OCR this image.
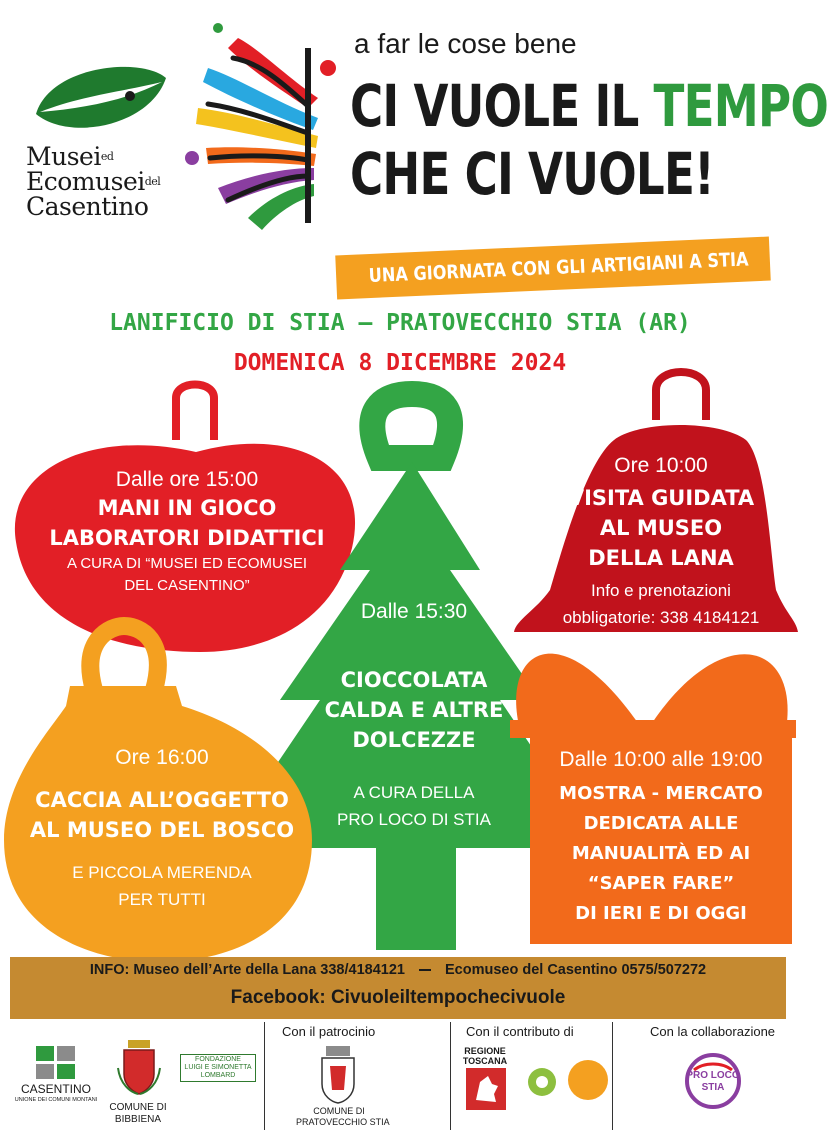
Musei$^{ed}$
Ecomusei$^{del}$
Casentino
a far le cose bene
CI VUOLE IL TEMPO
CHE CI VUOLE!
UNA GIORNATA CON GLI ARTIGIANI A STIA
LANIFICIO DI STIA – PRATOVECCHIO STIA (AR)
DOMENICA 8 DICEMBRE 2024
Dalle ore 15:00
MANI IN GIOCO
LABORATORI DIDATTICI
A CURA DI “MUSEI ED ECOMUSEI
DEL CASENTINO”
Ore 10:00
VISITA GUIDATA
AL MUSEO
DELLA LANA
Info e prenotazioni
obbligatorie: 338 4184121
Dalle 15:30
CIOCCOLATA
CALDA E ALTRE
DOLCEZZE
A CURA DELLA
PRO LOCO DI STIA
Ore 16:00
CACCIA ALL’OGGETTO
AL MUSEO DEL BOSCO
E PICCOLA MERENDA
PER TUTTI
Dalle 10:00 alle 19:00
MOSTRA - MERCATO
DEDICATA ALLE
MANUALITÀ ED AI
“SAPER FARE”
DI IERI E DI OGGI
INFO: Museo dell’Arte della Lana 338/4184121	Ecomuseo del Casentino 0575/507272
Facebook: Civuoleiltempochecivuole
Con il patrocinio	Con il contributo di	Con la collaborazione
CASENTINO
UNIONE DEI COMUNI MONTANI
COMUNE DI
BIBBIENA
FONDAZIONE
LUIGI E SIMONETTA
LOMBARD
COMUNE DI
PRATOVECCHIO STIA
REGIONE
TOSCANA
PRO LOCO
STIA
